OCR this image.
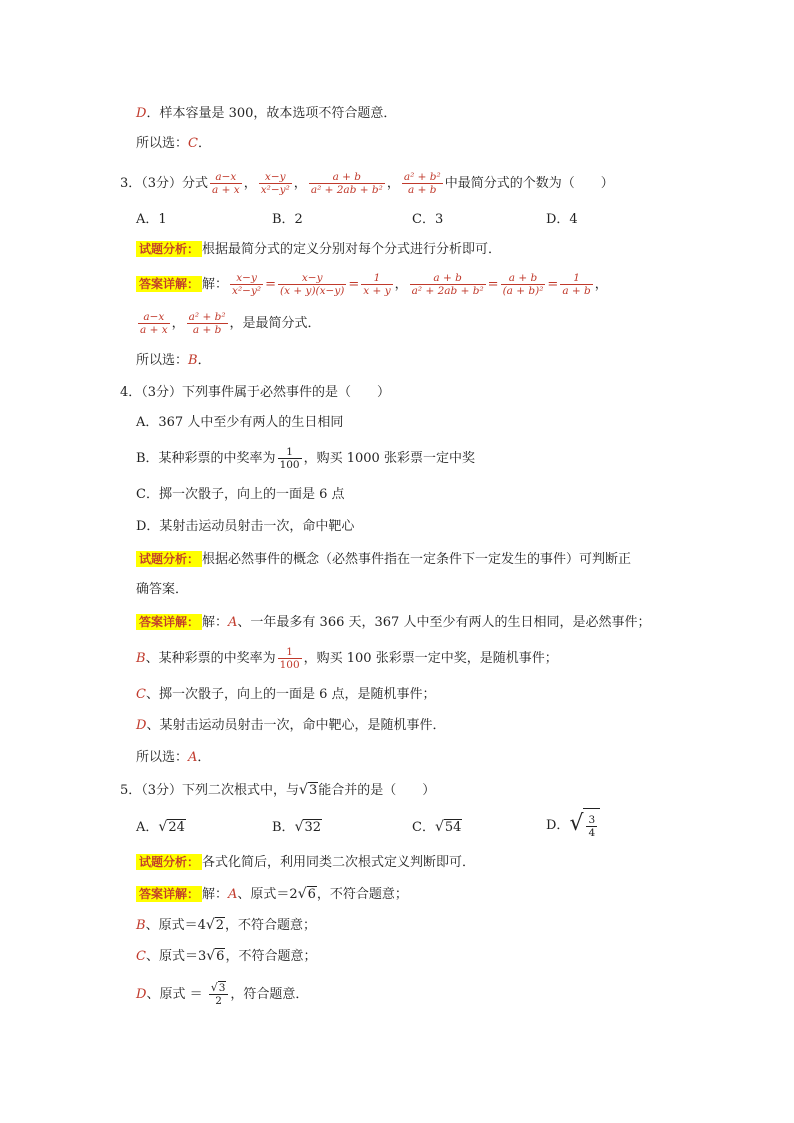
D．样本容量是 300，故本选项不符合题意．
所以选：C．
3．（3分）分式 $\frac{a-x}{a + x}$ ， $\frac{x-y}{\text{x²−y²}}$ ， $\frac{a + b}{\text{a² + 2ab + b²}}$ ， $\frac{\text{a² + b²}}{a + b}$ 中最简分式的个数为（　　）
A．1	B．2	C．3	D．4
试题分析： 根据最简分式的定义分别对每个分式进行分析即可．
答案详解： 解： $\frac{x-y}{\text{x²−y²}} = \frac{x-y}{(x + y)(x-y)} = \frac{1}{x + y}$ ， $\frac{a + b}{\text{a² + 2ab + b²}} = \frac{a + b}{\text{(a + b)²}} = \frac{1}{a + b}$ ，
$\frac{a-x}{a + x}$ ， $\frac{\text{a² + b²}}{a + b}$ ，是最简分式．
所以选：B．
4．（3分）下列事件属于必然事件的是（　　）
A．367 人中至少有两人的生日相同
B．某种彩票的中奖率为 $\frac{1}{100}$ ，购买 1000 张彩票一定中奖
C．掷一次骰子，向上的一面是 6 点
D．某射击运动员射击一次，命中靶心
试题分析： 根据必然事件的概念（必然事件指在一定条件下一定发生的事件）可判断正
确答案．
答案详解： 解：A、一年最多有 366 天，367 人中至少有两人的生日相同，是必然事件；
B、某种彩票的中奖率为 $\frac{1}{100}$ ，购买 100 张彩票一定中奖，是随机事件；
C、掷一次骰子，向上的一面是 6 点，是随机事件；
D、某射击运动员射击一次，命中靶心，是随机事件．
所以选：A．
5．（3分）下列二次根式中，与√3能合并的是（　　）
A．√24	B．√32	C．√54	D．√ $\frac{3}{4}$
试题分析： 各式化简后，利用同类二次根式定义判断即可．
答案详解： 解：A、原式＝2√6，不符合题意；
B、原式＝4√2，不符合题意；
C、原式＝3√6，不符合题意；
D、原式 ＝ $\frac{√3}{2}$ ，符合题意．
